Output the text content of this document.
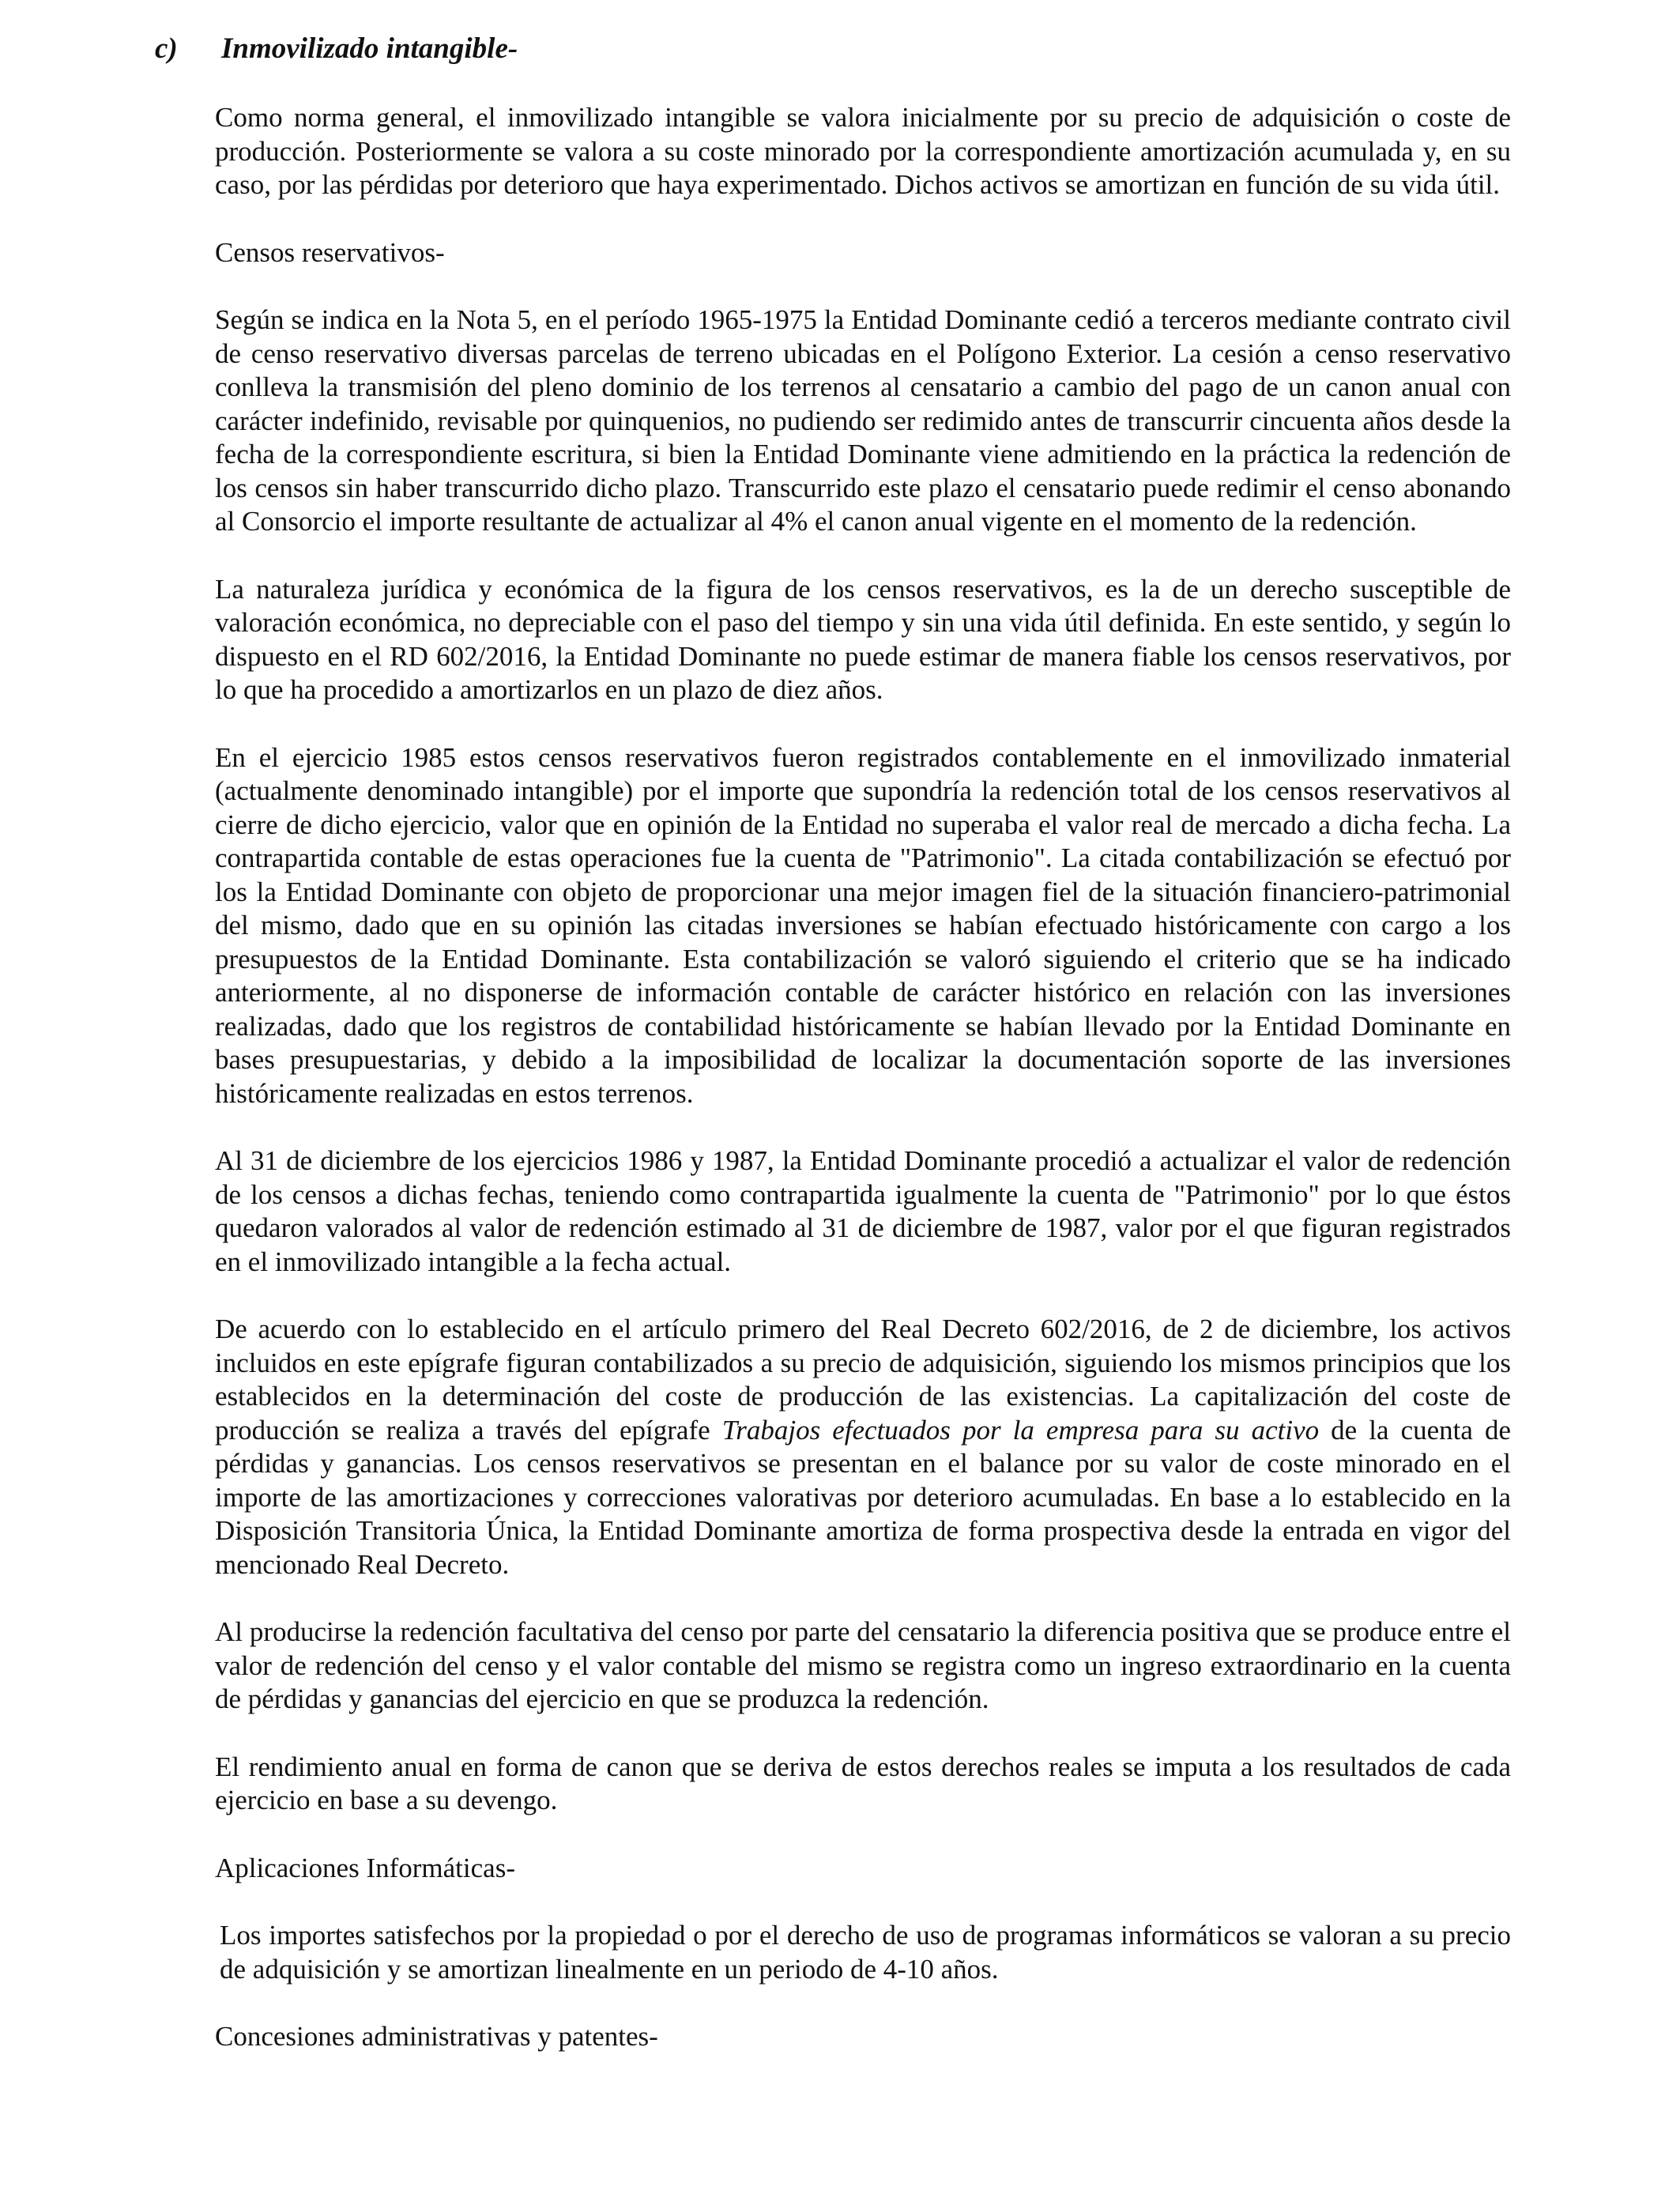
c) Inmovilizado intangible-

Como norma general, el inmovilizado intangible se valora inicialmente por su precio de adquisición o coste de producción. Posteriormente se valora a su coste minorado por la correspondiente amortización acumulada y, en su caso, por las pérdidas por deterioro que haya experimentado. Dichos activos se amortizan en función de su vida útil.

Censos reservativos-

Según se indica en la Nota 5, en el período 1965-1975 la Entidad Dominante cedió a terceros mediante contrato civil de censo reservativo diversas parcelas de terreno ubicadas en el Polígono Exterior. La cesión a censo reservativo conlleva la transmisión del pleno dominio de los terrenos al censatario a cambio del pago de un canon anual con carácter indefinido, revisable por quinquenios, no pudiendo ser redimido antes de transcurrir cincuenta años desde la fecha de la correspondiente escritura, si bien la Entidad Dominante viene admitiendo en la práctica la redención de los censos sin haber transcurrido dicho plazo. Transcurrido este plazo el censatario puede redimir el censo abonando al Consorcio el importe resultante de actualizar al 4% el canon anual vigente en el momento de la redención.

La naturaleza jurídica y económica de la figura de los censos reservativos, es la de un derecho susceptible de valoración económica, no depreciable con el paso del tiempo y sin una vida útil definida. En este sentido, y según lo dispuesto en el RD 602/2016, la Entidad Dominante no puede estimar de manera fiable los censos reservativos, por lo que ha procedido a amortizarlos en un plazo de diez años.

En el ejercicio 1985 estos censos reservativos fueron registrados contablemente en el inmovilizado inmaterial (actualmente denominado intangible) por el importe que supondría la redención total de los censos reservativos al cierre de dicho ejercicio, valor que en opinión de la Entidad no superaba el valor real de mercado a dicha fecha. La contrapartida contable de estas operaciones fue la cuenta de "Patrimonio". La citada contabilización se efectuó por los la Entidad Dominante con objeto de proporcionar una mejor imagen fiel de la situación financiero-patrimonial del mismo, dado que en su opinión las citadas inversiones se habían efectuado históricamente con cargo a los presupuestos de la Entidad Dominante. Esta contabilización se valoró siguiendo el criterio que se ha indicado anteriormente, al no disponerse de información contable de carácter histórico en relación con las inversiones realizadas, dado que los registros de contabilidad históricamente se habían llevado por la Entidad Dominante en bases presupuestarias, y debido a la imposibilidad de localizar la documentación soporte de las inversiones históricamente realizadas en estos terrenos.

Al 31 de diciembre de los ejercicios 1986 y 1987, la Entidad Dominante procedió a actualizar el valor de redención de los censos a dichas fechas, teniendo como contrapartida igualmente la cuenta de "Patrimonio" por lo que éstos quedaron valorados al valor de redención estimado al 31 de diciembre de 1987, valor por el que figuran registrados en el inmovilizado intangible a la fecha actual.

De acuerdo con lo establecido en el artículo primero del Real Decreto 602/2016, de 2 de diciembre, los activos incluidos en este epígrafe figuran contabilizados a su precio de adquisición, siguiendo los mismos principios que los establecidos en la determinación del coste de producción de las existencias. La capitalización del coste de producción se realiza a través del epígrafe Trabajos efectuados por la empresa para su activo de la cuenta de pérdidas y ganancias. Los censos reservativos se presentan en el balance por su valor de coste minorado en el importe de las amortizaciones y correcciones valorativas por deterioro acumuladas. En base a lo establecido en la Disposición Transitoria Única, la Entidad Dominante amortiza de forma prospectiva desde la entrada en vigor del mencionado Real Decreto.

Al producirse la redención facultativa del censo por parte del censatario la diferencia positiva que se produce entre el valor de redención del censo y el valor contable del mismo se registra como un ingreso extraordinario en la cuenta de pérdidas y ganancias del ejercicio en que se produzca la redención.

El rendimiento anual en forma de canon que se deriva de estos derechos reales se imputa a los resultados de cada ejercicio en base a su devengo.

Aplicaciones Informáticas-

Los importes satisfechos por la propiedad o por el derecho de uso de programas informáticos se valoran a su precio de adquisición y se amortizan linealmente en un periodo de 4-10 años.

Concesiones administrativas y patentes-
